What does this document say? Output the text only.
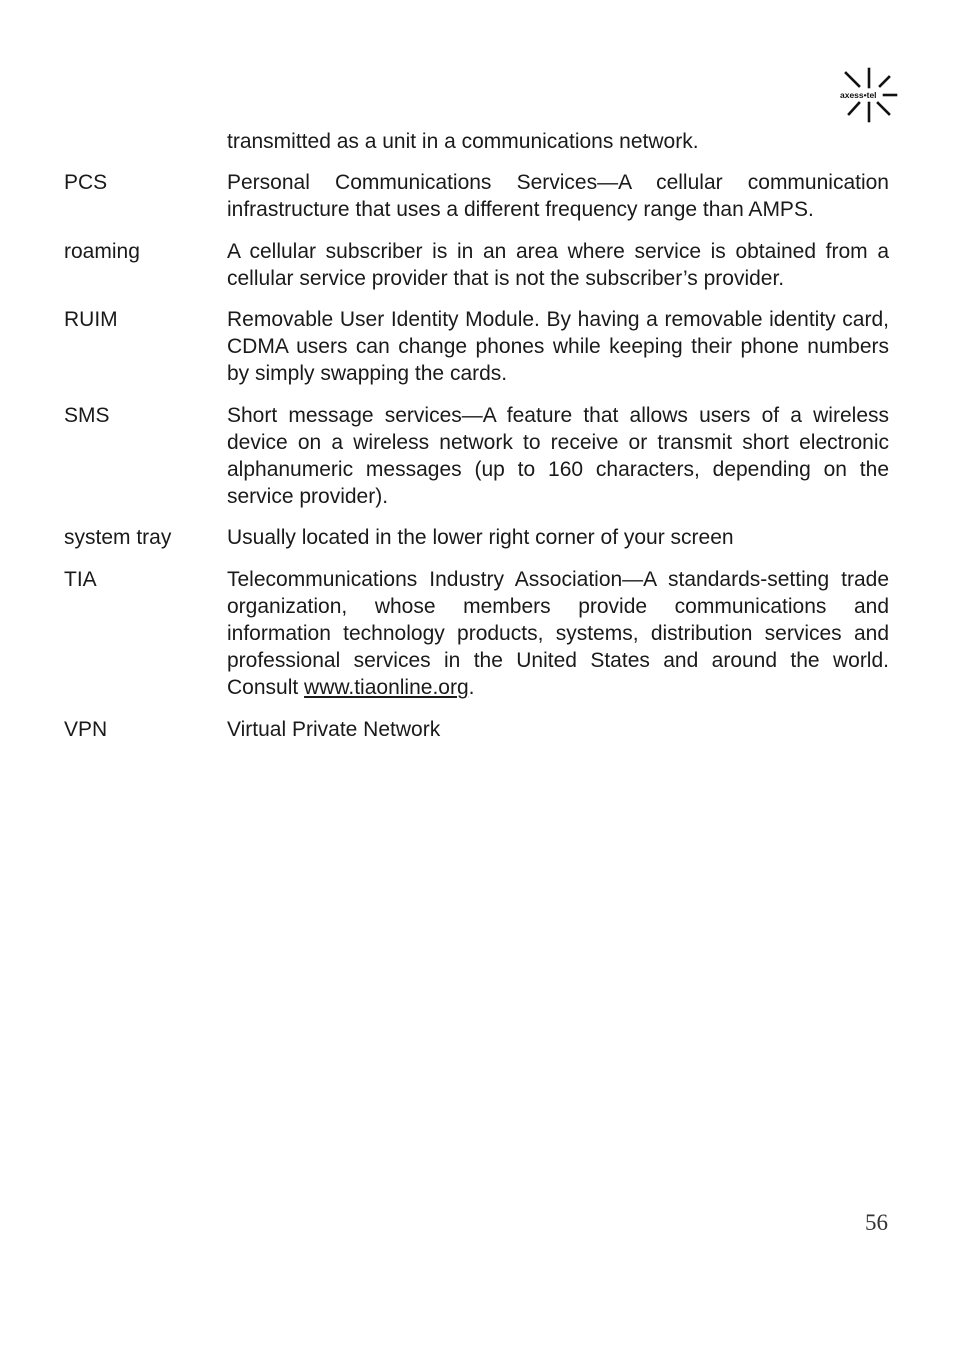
axess•tel
transmitted as a unit in a communications network.
PCS	Personal Communications Services—A cellular communication infrastructure that uses a different frequency range than AMPS.
roaming	A cellular subscriber is in an area where service is obtained from a cellular service provider that is not the subscriber’s provider.
RUIM	Removable User Identity Module. By having a removable identity card, CDMA users can change phones while keeping their phone numbers by simply swapping the cards.
SMS	Short message services—A feature that allows users of a wireless device on a wireless network to receive or transmit short electronic alphanumeric messages (up to 160 characters, depending on the service provider).
system tray	Usually located in the lower right corner of your screen
TIA	Telecommunications Industry Association—A standards-setting trade organization, whose members provide communications and information technology products, systems, distribution services and professional services in the United States and around the world. Consult www.tiaonline.org.
VPN	Virtual Private Network
56
